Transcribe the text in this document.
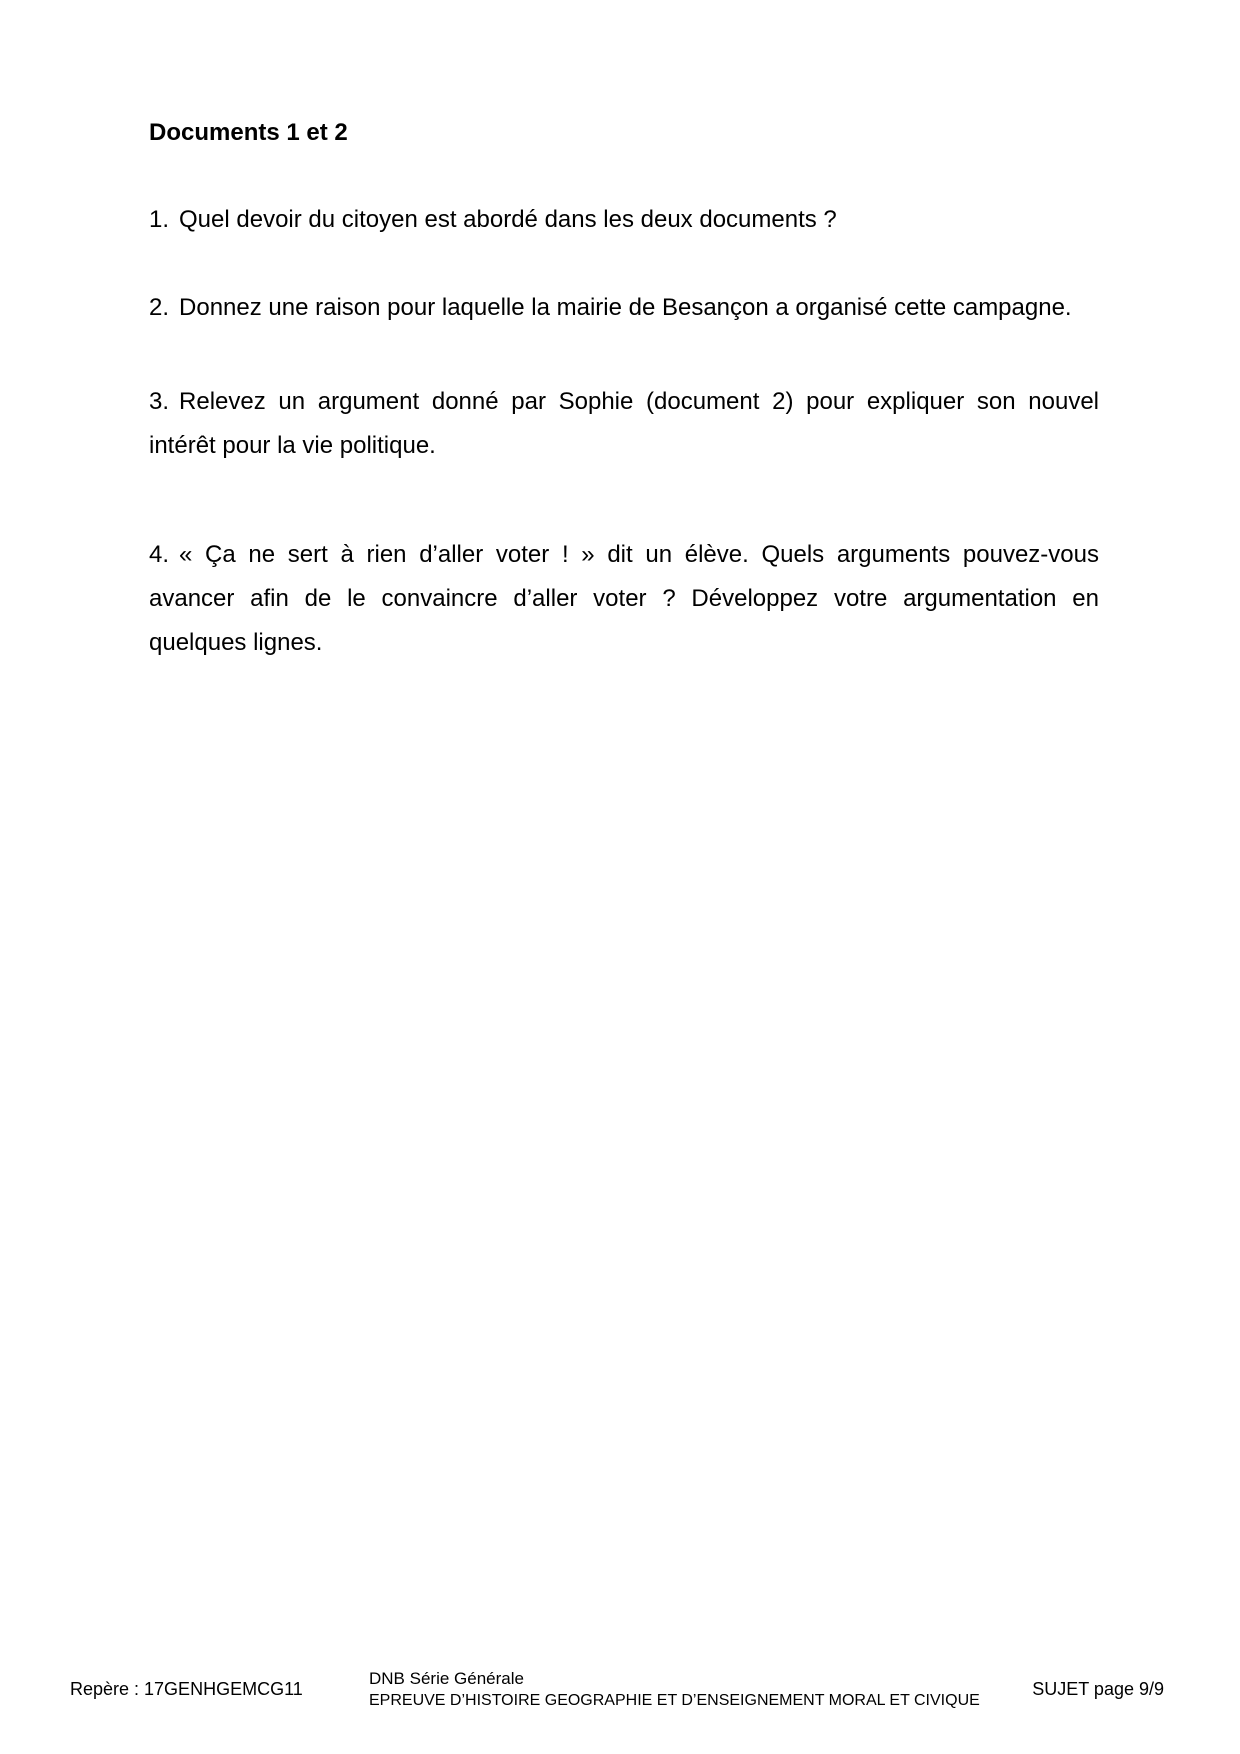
Documents 1 et 2

1. Quel devoir du citoyen est abordé dans les deux documents ?

2. Donnez une raison pour laquelle la mairie de Besançon a organisé cette campagne.

3. Relevez un argument donné par Sophie (document 2) pour expliquer son nouvel intérêt pour la vie politique.

4. « Ça ne sert à rien d’aller voter ! » dit un élève. Quels arguments pouvez-vous avancer afin de le convaincre d’aller voter ? Développez votre argumentation en quelques lignes.

Repère : 17GENHGEMCG11
DNB Série Générale
EPREUVE D’HISTOIRE GEOGRAPHIE ET D’ENSEIGNEMENT MORAL ET CIVIQUE
SUJET page 9/9
